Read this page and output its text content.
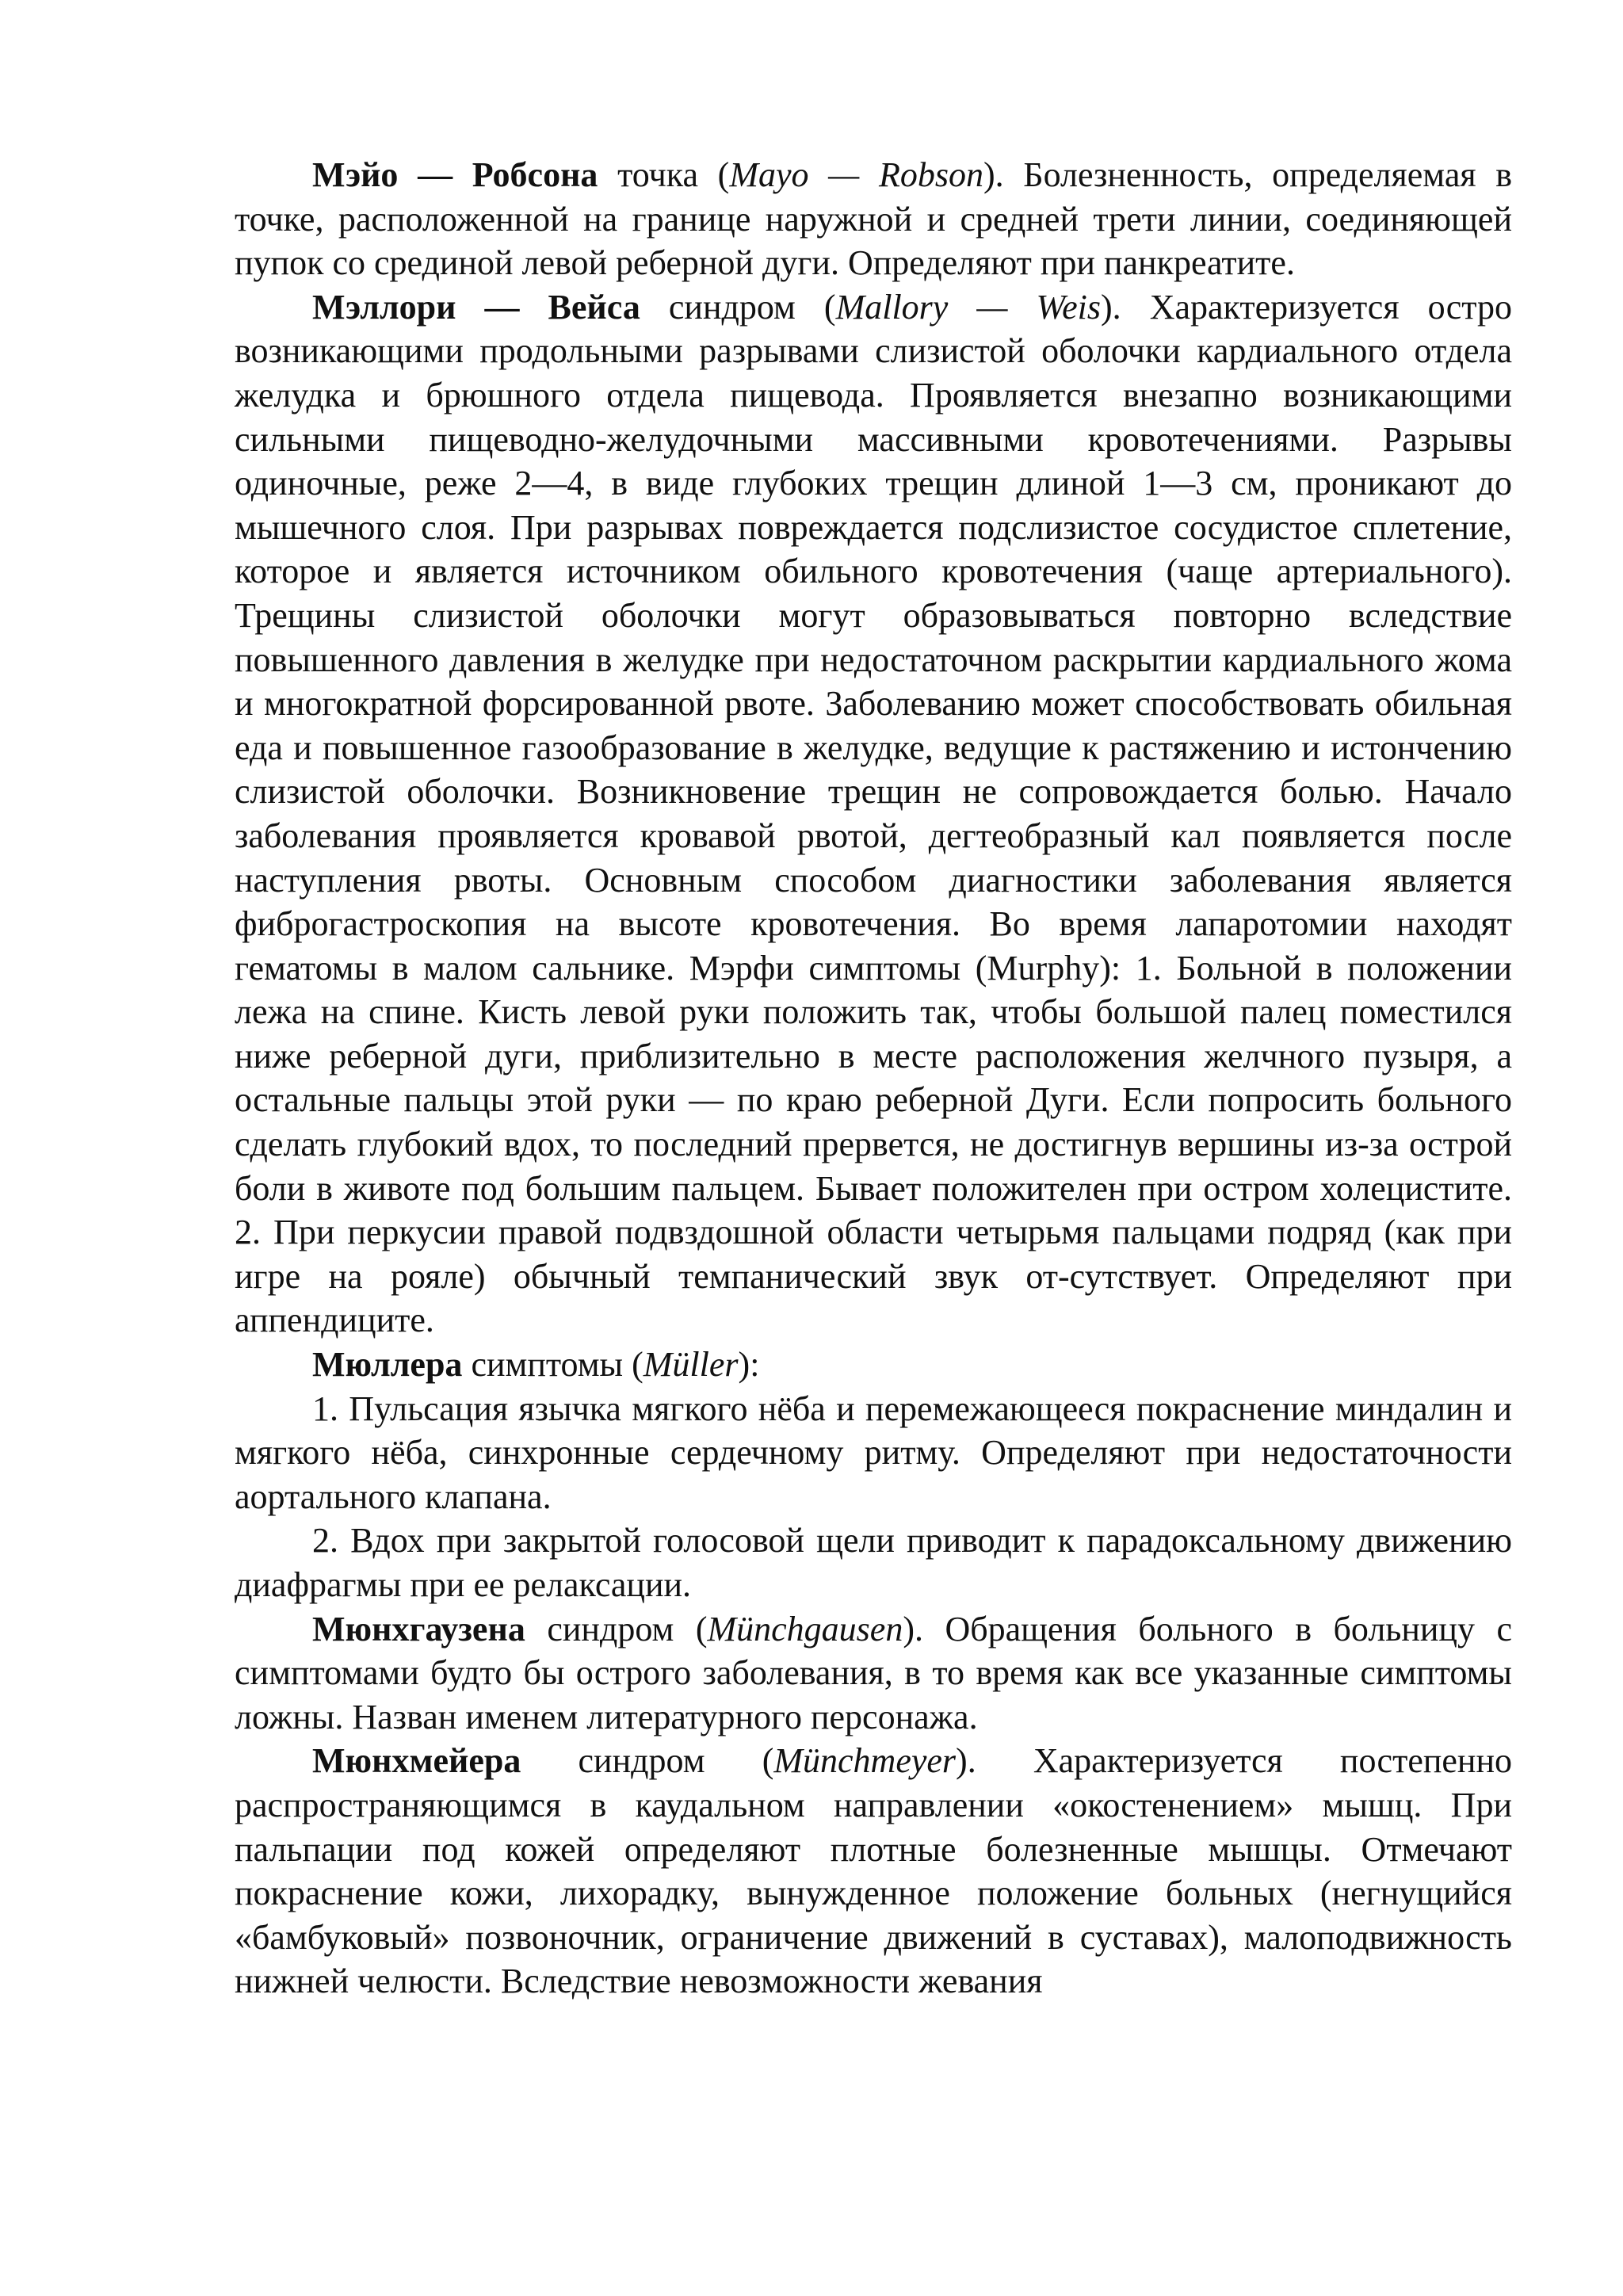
Мэйо — Робсона точка (Mayo — Robson). Болезненность, определяемая в точке, расположенной на границе наружной и средней трети линии, соединяющей пупок со срединой левой реберной дуги. Определяют при панкреатите.

Мэллори — Вейса синдром (Mallory — Weis). Характеризуется остро возникающими продольными разрывами слизистой оболочки кардиального отдела желудка и брюшного отдела пищевода. Проявляется внезапно возникающими сильными пищеводно-желудочными массивными кровотечениями. Разрывы одиночные, реже 2—4, в виде глубоких трещин длиной 1—3 см, проникают до мышечного слоя. При разрывах повреждается подслизистое сосудистое сплетение, которое и является источником обильного кровотечения (чаще артериального). Трещины слизистой оболочки могут образовываться повторно вследствие повышенного давления в желудке при недостаточном раскрытии кардиального жома и многократной форсированной рвоте. Заболеванию может способствовать обильная еда и повышенное газообразование в желудке, ведущие к растяжению и истончению слизистой оболочки. Возникновение трещин не сопровождается болью. Начало заболевания проявляется кровавой рвотой, дегтеобразный кал появляется после наступления рвоты. Основным способом диагностики заболевания является фиброгастроскопия на высоте кровотечения. Во время лапаротомии находят гематомы в малом сальнике. Мэрфи симптомы (Murphy): 1. Больной в положении лежа на спине. Кисть левой руки положить так, чтобы большой палец поместился ниже реберной дуги, приблизительно в месте расположения желчного пузыря, а остальные пальцы этой руки — по краю реберной Дуги. Если попросить больного сделать глубокий вдох, то последний прервется, не достигнув вершины из-за острой боли в животе под большим пальцем. Бывает положителен при остром холецистите. 2. При перкусии правой подвздошной области четырьмя пальцами подряд (как при игре на рояле) обычный темпанический звук от-сутствует. Определяют при аппендиците.

Мюллера симптомы (Müller):

1. Пульсация язычка мягкого нёба и перемежающееся покраснение миндалин и мягкого нёба, синхронные сердечному ритму. Определяют при недостаточности аортального клапана.

2. Вдох при закрытой голосовой щели приводит к парадоксальному движению диафрагмы при ее релаксации.

Мюнхгаузена синдром (Münchgausen). Обращения больного в больницу с симптомами будто бы острого заболевания, в то время как все указанные симптомы ложны. Назван именем литературного персонажа.

Мюнхмейера синдром (Münchmeyer). Характеризуется постепенно распространяющимся в каудальном направлении «окостенением» мышц. При пальпации под кожей определяют плотные болезненные мышцы. Отмечают покраснение кожи, лихорадку, вынужденное положение больных (негнущийся «бамбуковый» позвоночник, ограничение движений в суставах), малоподвижность нижней челюсти. Вследствие невозможности жевания
